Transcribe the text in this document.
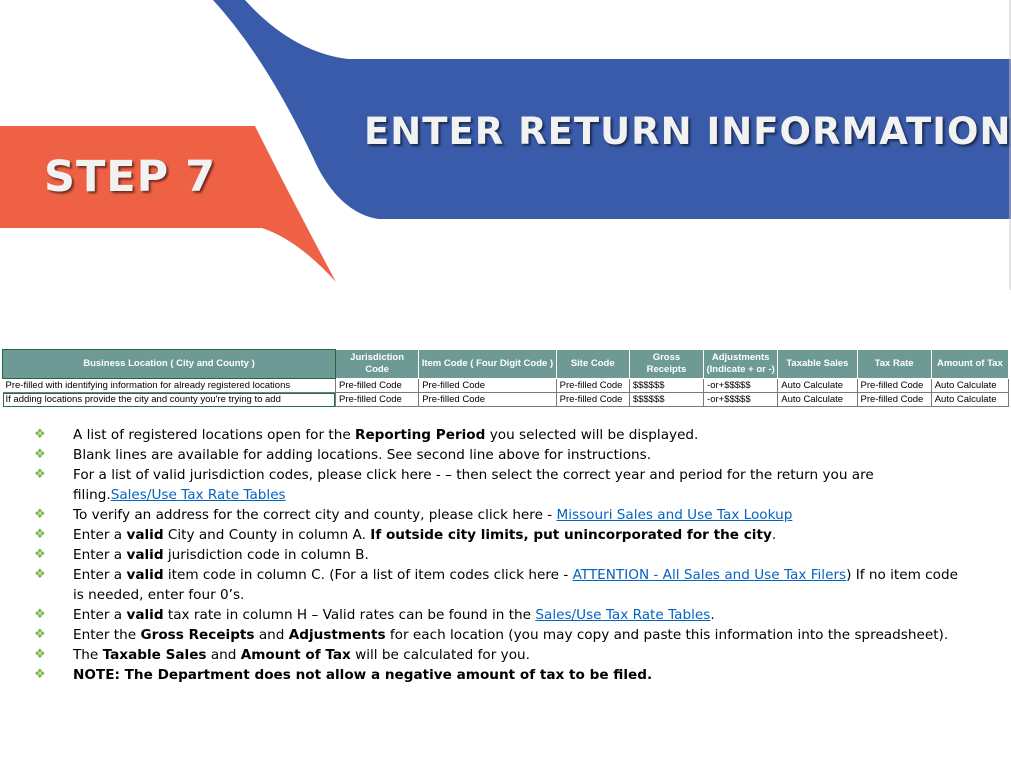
ENTER RETURN INFORMATION
STEP 7
Business Location ( City and County )	Jurisdiction Code	Item Code ( Four Digit Code )	Site Code	Gross Receipts	Adjustments (Indicate + or -)	Taxable Sales	Tax Rate	Amount of Tax
Pre-filled with identifying information for already registered locations	Pre-filled Code	Pre-filled Code	Pre-filled Code	$$$$$$	-or+$$$$$	Auto Calculate	Pre-filled Code	Auto Calculate
If adding locations provide the city and county you're trying to add	Pre-filled Code	Pre-filled Code	Pre-filled Code	$$$$$$	-or+$$$$$	Auto Calculate	Pre-filled Code	Auto Calculate
❖ A list of registered locations open for the Reporting Period you selected will be displayed.
❖ Blank lines are available for adding locations. See second line above for instructions.
❖ For a list of valid jurisdiction codes, please click here - – then select the correct year and period for the return you are filing.Sales/Use Tax Rate Tables
❖ To verify an address for the correct city and county, please click here - Missouri Sales and Use Tax Lookup
❖ Enter a valid City and County in column A. If outside city limits, put unincorporated for the city.
❖ Enter a valid jurisdiction code in column B.
❖ Enter a valid item code in column C. (For a list of item codes click here - ATTENTION - All Sales and Use Tax Filers) If no item code is needed, enter four 0’s.
❖ Enter a valid tax rate in column H – Valid rates can be found in the Sales/Use Tax Rate Tables.
❖ Enter the Gross Receipts and Adjustments for each location (you may copy and paste this information into the spreadsheet).
❖ The Taxable Sales and Amount of Tax will be calculated for you.
❖ NOTE: The Department does not allow a negative amount of tax to be filed.
